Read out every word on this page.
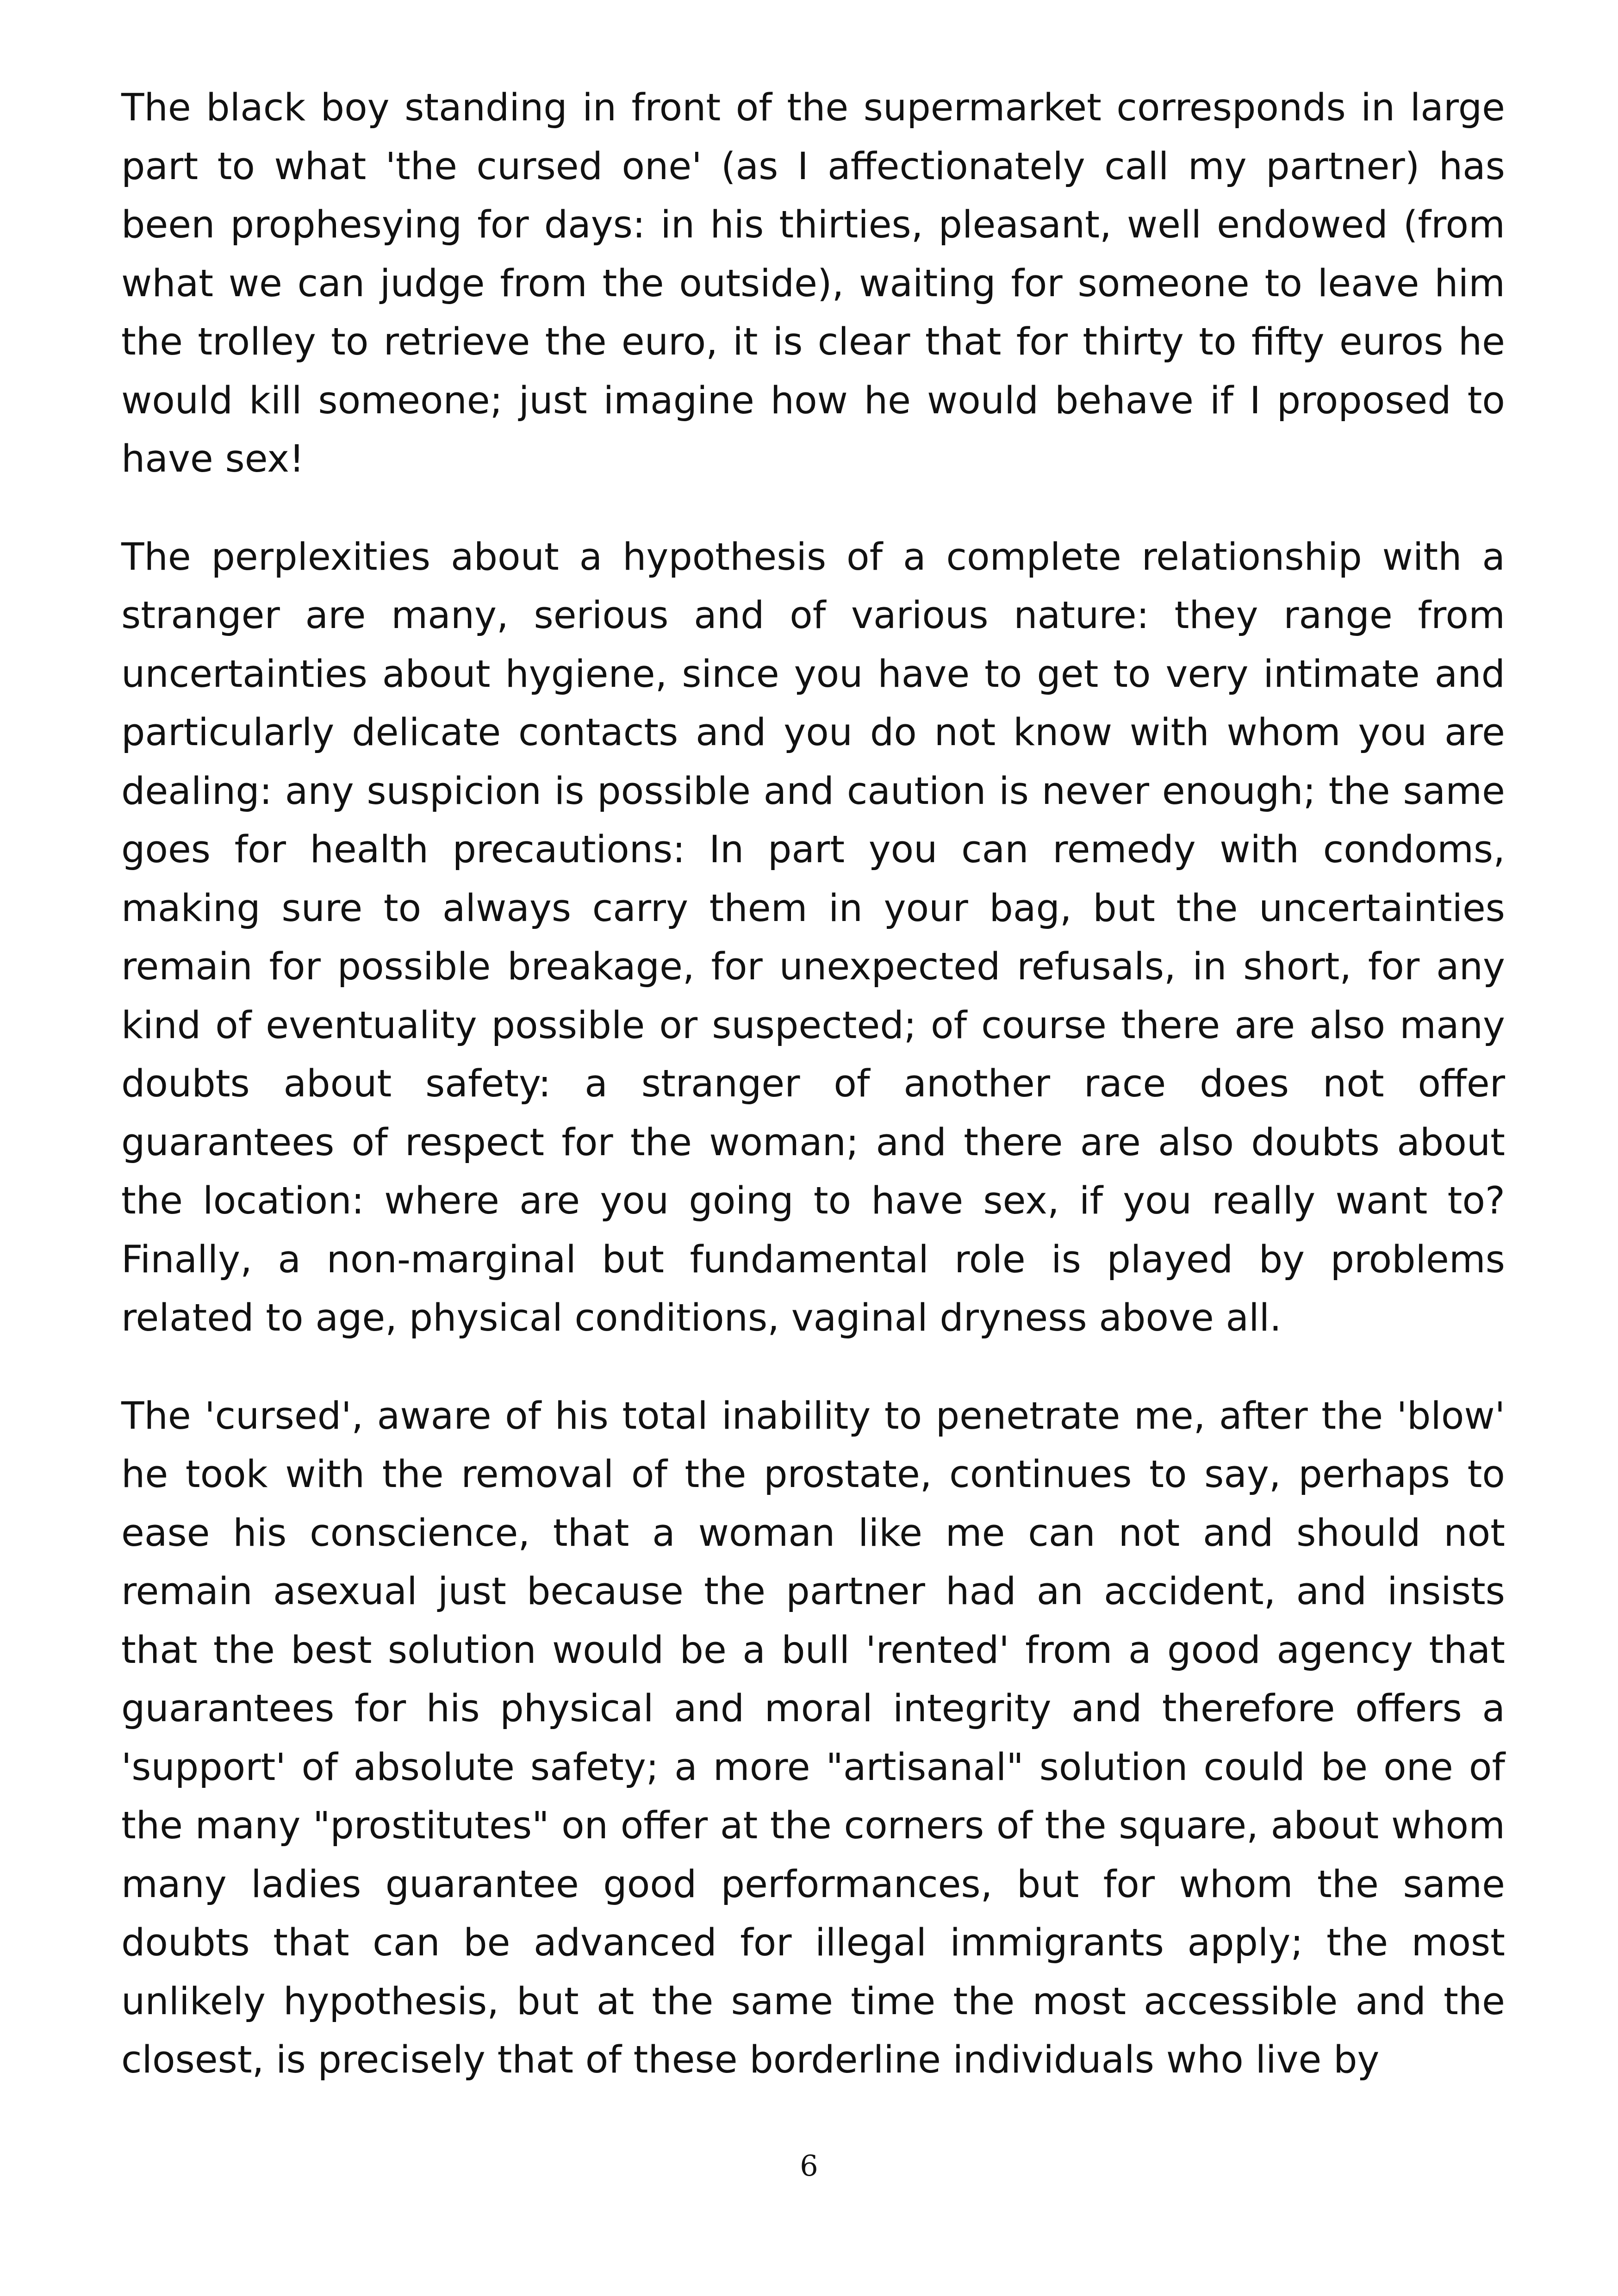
The black boy standing in front of the supermarket corresponds in large part to what 'the cursed one' (as I affectionately call my partner) has been prophesying for days: in his thirties, pleasant, well endowed (from what we can judge from the outside), waiting for someone to leave him the trolley to retrieve the euro, it is clear that for thirty to fifty euros he would kill someone; just imagine how he would behave if I proposed to have sex!

The perplexities about a hypothesis of a complete relationship with a stranger are many, serious and of various nature: they range from uncertainties about hygiene, since you have to get to very intimate and particularly delicate contacts and you do not know with whom you are dealing: any suspicion is possible and caution is never enough; the same goes for health precautions: In part you can remedy with condoms, making sure to always carry them in your bag, but the uncertainties remain for possible breakage, for unexpected refusals, in short, for any kind of eventuality possible or suspected; of course there are also many doubts about safety: a stranger of another race does not offer guarantees of respect for the woman; and there are also doubts about the location: where are you going to have sex, if you really want to?Finally, a non-marginal but fundamental role is played by problems related to age, physical conditions, vaginal dryness above all.

The 'cursed', aware of his total inability to penetrate me, after the 'blow' he took with the removal of the prostate, continues to say, perhaps to ease his conscience, that a woman like me can not and should not remain asexual just because the partner had an accident, and insists that the best solution would be a bull 'rented' from a good agency that guarantees for his physical and moral integrity and therefore offers a 'support' of absolute safety; a more "artisanal" solution could be one of the many "prostitutes" on offer at the corners of the square, about whom many ladies guarantee good performances, but for whom the same doubts that can be advanced for illegal immigrants apply; the most unlikely hypothesis, but at the same time the most accessible and the closest, is precisely that of these borderline individuals who live by

6
